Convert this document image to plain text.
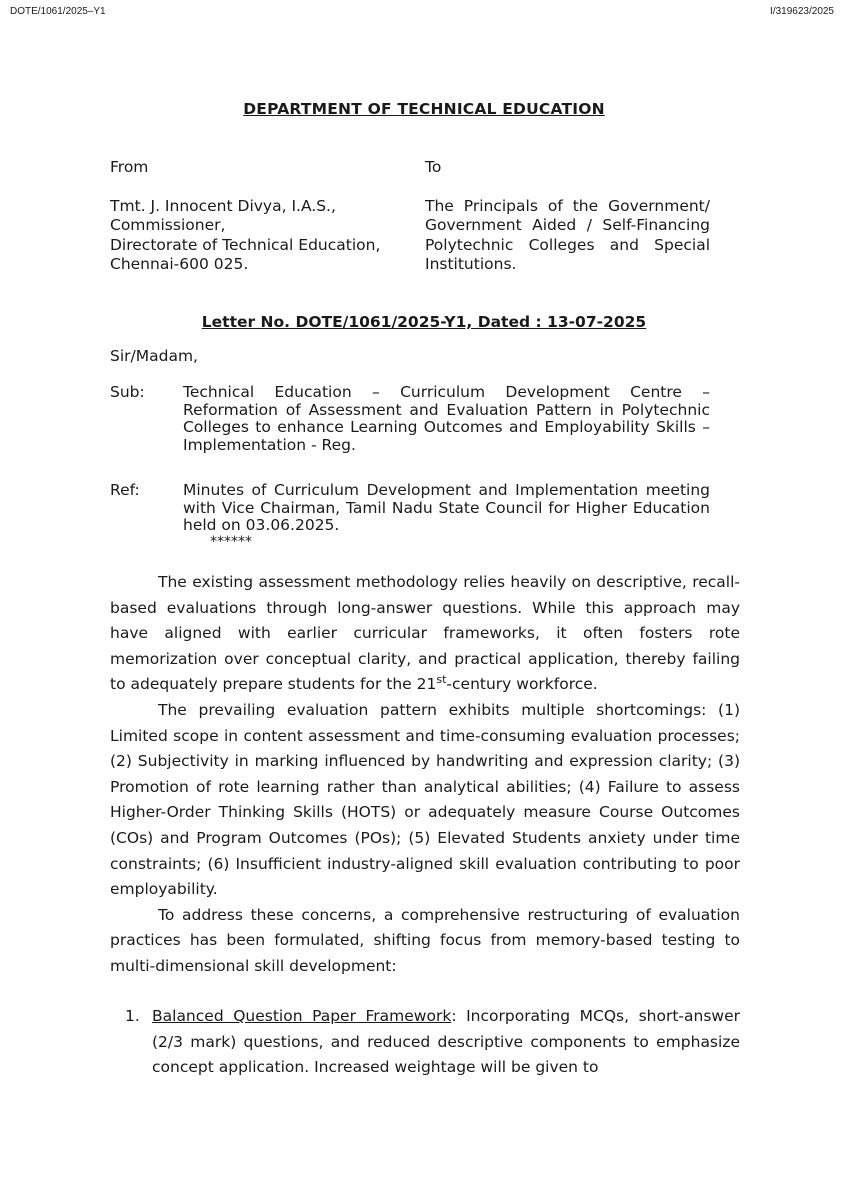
DOTE/1061/2025–Y1	I/319623/2025
DEPARTMENT OF TECHNICAL EDUCATION
From
Tmt. J. Innocent Divya, I.A.S.,
Commissioner,
Directorate of Technical Education,
Chennai-600 025.
To
The Principals of the Government/ Government Aided / Self-Financing Polytechnic Colleges and Special Institutions.
Letter No. DOTE/1061/2025-Y1, Dated : 13-07-2025
Sir/Madam,
Sub: Technical Education – Curriculum Development Centre – Reformation of Assessment and Evaluation Pattern in Polytechnic Colleges to enhance Learning Outcomes and Employability Skills – Implementation - Reg.
Ref:	Minutes of Curriculum Development and Implementation meeting with Vice Chairman, Tamil Nadu State Council for Higher Education held on 03.06.2025.
******

The existing assessment methodology relies heavily on descriptive, recall-based evaluations through long-answer questions. While this approach may have aligned with earlier curricular frameworks, it often fosters rote memorization over conceptual clarity, and practical application, thereby failing to adequately prepare students for the 21st-century workforce.

The prevailing evaluation pattern exhibits multiple shortcomings: (1) Limited scope in content assessment and time-consuming evaluation processes; (2) Subjectivity in marking influenced by handwriting and expression clarity; (3) Promotion of rote learning rather than analytical abilities; (4) Failure to assess Higher-Order Thinking Skills (HOTS) or adequately measure Course Outcomes (COs) and Program Outcomes (POs); (5) Elevated Students anxiety under time constraints; (6) Insufficient industry-aligned skill evaluation contributing to poor employability.

To address these concerns, a comprehensive restructuring of evaluation practices has been formulated, shifting focus from memory-based testing to multi-dimensional skill development:

1. Balanced Question Paper Framework: Incorporating MCQs, short-answer (2/3 mark) questions, and reduced descriptive components to emphasize concept application. Increased weightage will be given to
